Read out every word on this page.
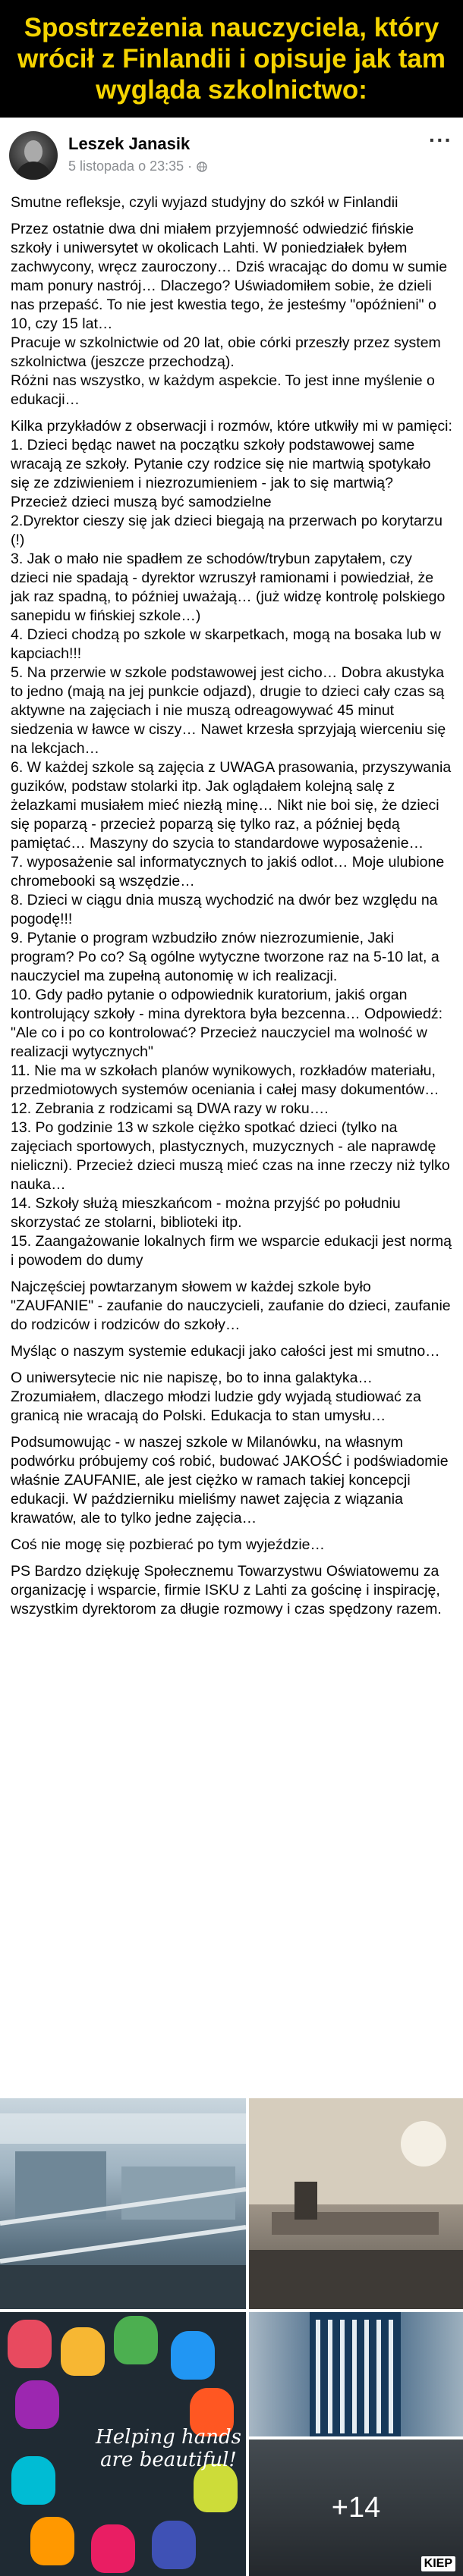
Spostrzeżenia nauczyciela, który wrócił z Finlandii i opisuje jak tam wygląda szkolnictwo:
Leszek Janasik
5 listopada o 23:35 ·
···

Smutne refleksje, czyli wyjazd studyjny do szkół w Finlandii

Przez ostatnie dwa dni miałem przyjemność odwiedzić fińskie szkoły i uniwersytet w okolicach Lahti. W poniedziałek byłem zachwycony, wręcz zauroczony… Dziś wracając do domu w sumie mam ponury nastrój… Dlaczego? Uświadomiłem sobie, że dzieli nas przepaść. To nie jest kwestia tego, że jesteśmy "opóźnieni" o 10, czy 15 lat…
Pracuje w szkolnictwie od 20 lat, obie córki przeszły przez system szkolnictwa (jeszcze przechodzą).
Różni nas wszystko, w każdym aspekcie. To jest inne myślenie o edukacji…

Kilka przykładów z obserwacji i rozmów, które utkwiły mi w pamięci:
1. Dzieci będąc nawet na początku szkoły podstawowej same wracają ze szkoły. Pytanie czy rodzice się nie martwią spotykało się ze zdziwieniem i niezrozumieniem - jak to się martwią? Przecież dzieci muszą być samodzielne
2.Dyrektor cieszy się jak dzieci biegają na przerwach po korytarzu (!)
3. Jak o mało nie spadłem ze schodów/trybun zapytałem, czy dzieci nie spadają - dyrektor wzruszył ramionami i powiedział, że jak raz spadną, to później uważają… (już widzę kontrolę polskiego sanepidu w fińskiej szkole…)
4. Dzieci chodzą po szkole w skarpetkach, mogą na bosaka lub w kapciach!!!
5. Na przerwie w szkole podstawowej jest cicho… Dobra akustyka to jedno (mają na jej punkcie odjazd), drugie to dzieci cały czas są aktywne na zajęciach i nie muszą odreagowywać 45 minut siedzenia w ławce w ciszy… Nawet krzesła sprzyjają wierceniu się na lekcjach…
6. W każdej szkole są zajęcia z UWAGA prasowania, przyszywania guzików, podstaw stolarki itp. Jak oglądałem kolejną salę z żelazkami musiałem mieć niezłą minę… Nikt nie boi się, że dzieci się poparzą - przecież poparzą się tylko raz, a później będą pamiętać… Maszyny do szycia to standardowe wyposażenie…
7. wyposażenie sal informatycznych to jakiś odlot… Moje ulubione chromebooki są wszędzie…
8. Dzieci w ciągu dnia muszą wychodzić na dwór bez względu na pogodę!!!
9. Pytanie o program wzbudziło znów niezrozumienie, Jaki program? Po co? Są ogólne wytyczne tworzone raz na 5-10 lat, a nauczyciel ma zupełną autonomię w ich realizacji.
10. Gdy padło pytanie o odpowiednik kuratorium, jakiś organ kontrolujący szkoły - mina dyrektora była bezcenna… Odpowiedź: "Ale co i po co kontrolować? Przecież nauczyciel ma wolność w realizacji wytycznych"
11. Nie ma w szkołach planów wynikowych, rozkładów materiału, przedmiotowych systemów oceniania i całej masy dokumentów…
12. Zebrania z rodzicami są DWA razy w roku….
13. Po godzinie 13 w szkole ciężko spotkać dzieci (tylko na zajęciach sportowych, plastycznych, muzycznych - ale naprawdę nieliczni). Przecież dzieci muszą mieć czas na inne rzeczy niż tylko nauka…
14. Szkoły służą mieszkańcom - można przyjść po południu skorzystać ze stolarni, biblioteki itp.
15. Zaangażowanie lokalnych firm we wsparcie edukacji jest normą i powodem do dumy

Najczęściej powtarzanym słowem w każdej szkole było "ZAUFANIE" - zaufanie do nauczycieli, zaufanie do dzieci, zaufanie do rodziców i rodziców do szkoły…

Myśląc o naszym systemie edukacji jako całości jest mi smutno…

O uniwersytecie nic nie napiszę, bo to inna galaktyka… Zrozumiałem, dlaczego młodzi ludzie gdy wyjadą studiować za granicą nie wracają do Polski. Edukacja to stan umysłu…

Podsumowując - w naszej szkole w Milanówku, na własnym podwórku próbujemy coś robić, budować JAKOŚĆ i podświadomie właśnie ZAUFANIE, ale jest ciężko w ramach takiej koncepcji edukacji. W październiku mieliśmy nawet zajęcia z wiązania krawatów, ale to tylko jedne zajęcia…

Coś nie mogę się pozbierać po tym wyjeździe…

PS Bardzo dziękuję Społecznemu Towarzystwu Oświatowemu za organizację i wsparcie, firmie ISKU z Lahti za gościnę i inspirację, wszystkim dyrektorom za długie rozmowy i czas spędzony razem.

Helping hands are beautiful!
+14
KIEP
